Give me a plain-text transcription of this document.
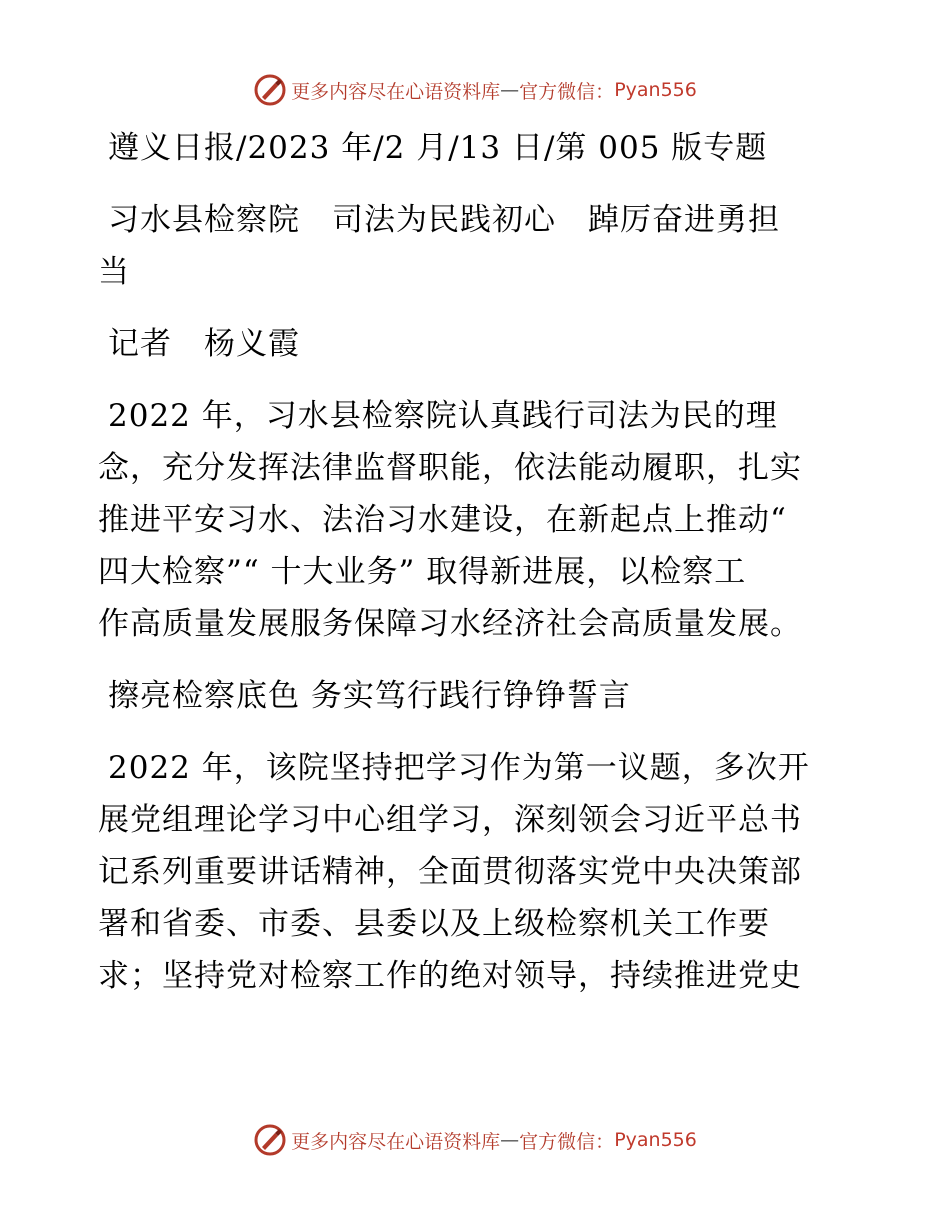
更多内容尽在心语资料库 — 官方微信： Pyan556
遵义日报/2023 年/2 月/13 日/第 005 版专题
习水县检察院　司法为民践初心　踔厉奋进勇担
当
记者　杨义霞
2022 年，习水县检察院认真践行司法为民的理
念，充分发挥法律监督职能，依法能动履职，扎实
推进平安习水、法治习水建设，在新起点上推动“
四大检察”“ 十大业务” 取得新进展，以检察工
作高质量发展服务保障习水经济社会高质量发展。
擦亮检察底色 务实笃行践行铮铮誓言
2022 年，该院坚持把学习作为第一议题，多次开
展党组理论学习中心组学习，深刻领会习近平总书
记系列重要讲话精神，全面贯彻落实党中央决策部
署和省委、市委、县委以及上级检察机关工作要
求；坚持党对检察工作的绝对领导，持续推进党史
更多内容尽在心语资料库 — 官方微信： Pyan556
